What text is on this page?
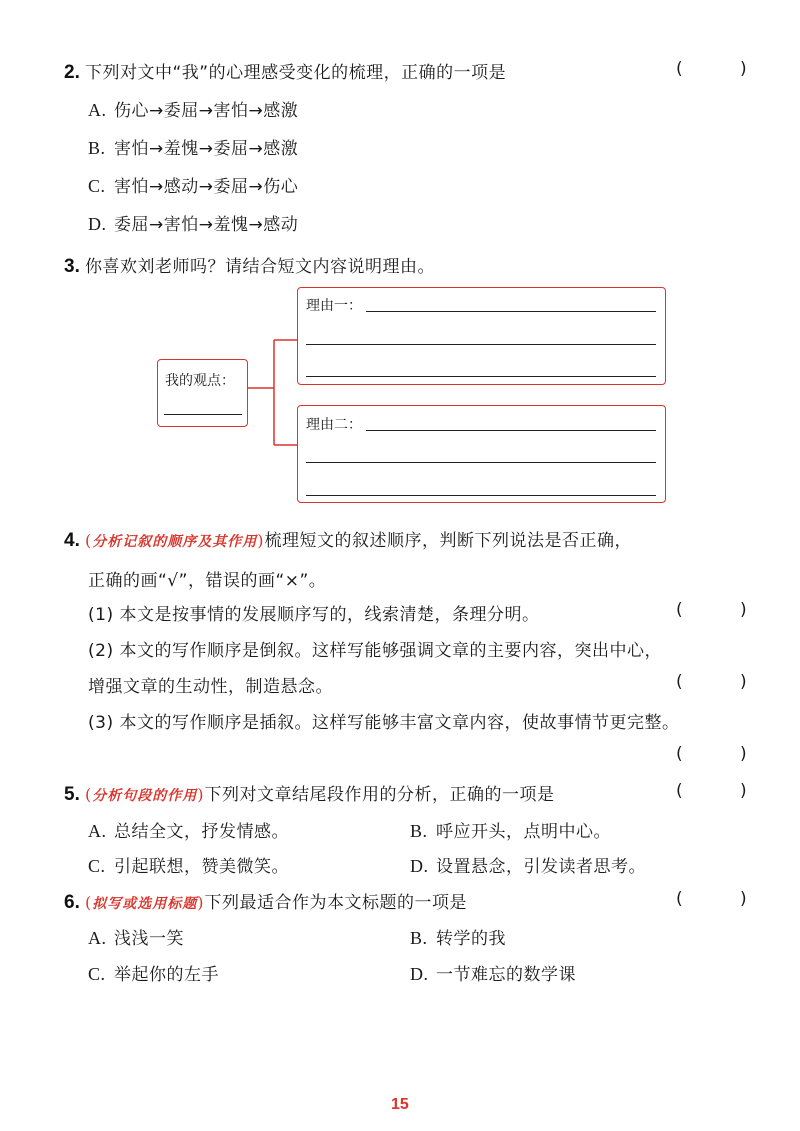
2. 下列对文中“我”的心理感受变化的梳理，正确的一项是	( )
A. 伤心→委屈→害怕→感激
B. 害怕→羞愧→委屈→感激
C. 害怕→感动→委屈→伤心
D. 委屈→害怕→羞愧→感动
3. 你喜欢刘老师吗？请结合短文内容说明理由。
我的观点：
理由一：
理由二：
4. (分析记叙的顺序及其作用)梳理短文的叙述顺序，判断下列说法是否正确，
正确的画“√”，错误的画“×”。
(1) 本文是按事情的发展顺序写的，线索清楚，条理分明。	( )
(2) 本文的写作顺序是倒叙。这样写能够强调文章的主要内容，突出中心，
增强文章的生动性，制造悬念。	( )
(3) 本文的写作顺序是插叙。这样写能够丰富文章内容，使故事情节更完整。
( )
5. (分析句段的作用)下列对文章结尾段作用的分析，正确的一项是	( )
A. 总结全文，抒发情感。	B. 呼应开头，点明中心。
C. 引起联想，赞美微笑。	D. 设置悬念，引发读者思考。
6. (拟写或选用标题)下列最适合作为本文标题的一项是	( )
A. 浅浅一笑	B. 转学的我
C. 举起你的左手	D. 一节难忘的数学课
15
